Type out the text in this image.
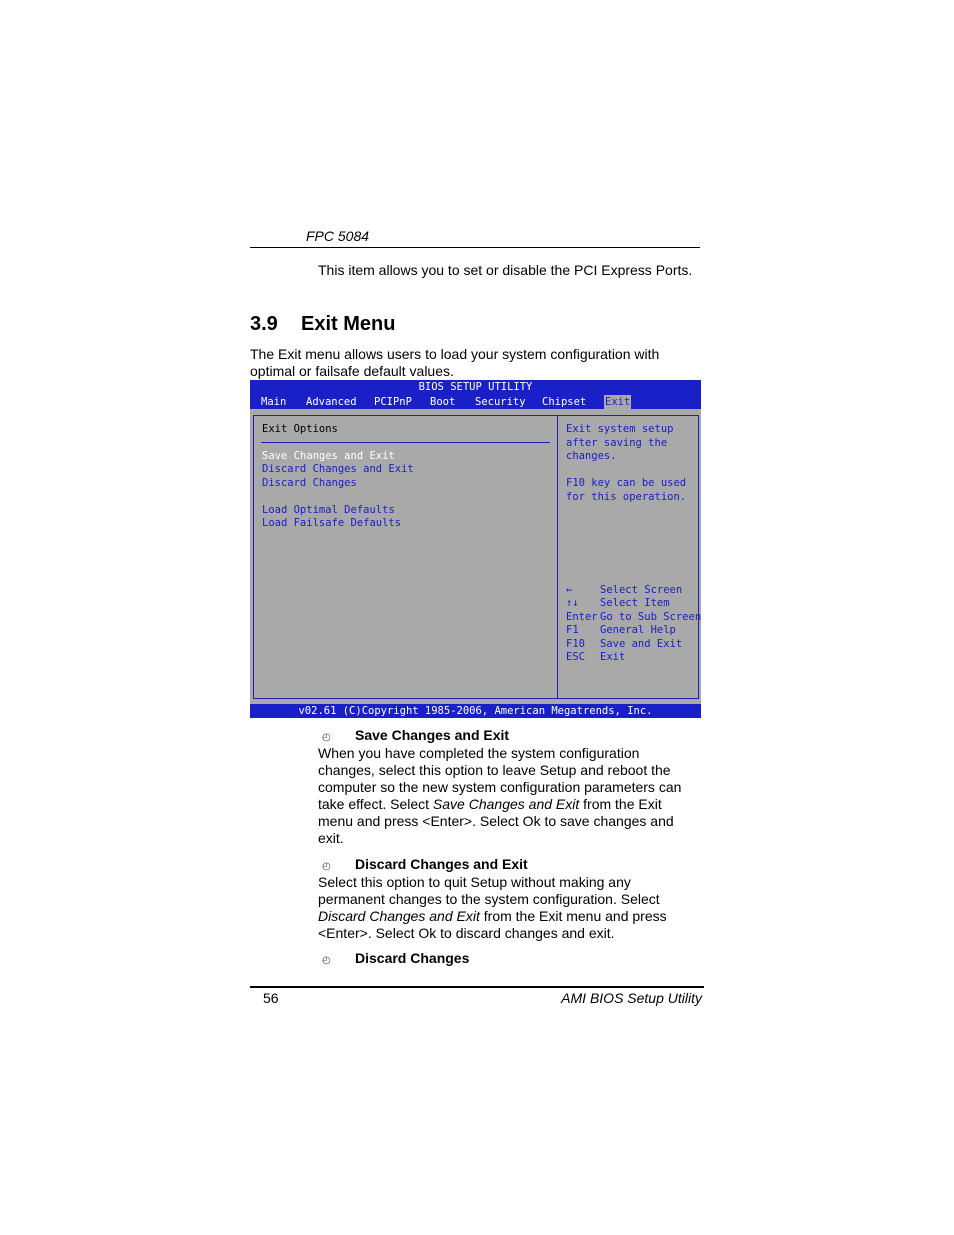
FPC 5084
This item allows you to set or disable the PCI Express Ports.
3.9 Exit Menu
The Exit menu allows users to load your system configuration with optimal or failsafe default values.
BIOS SETUP UTILITY
Main Advanced PCIPnP Boot Security Chipset Exit
Exit Options
Save Changes and Exit
Discard Changes and Exit
Discard Changes
Load Optimal Defaults
Load Failsafe Defaults
Exit system setup
after saving the
changes.
F10 key can be used
for this operation.
←	Select Screen
↑↓ Select Item
Enter Go to Sub Screen
F1 General Help
F10 Save and Exit
ESC Exit
v02.61 (C)Copyright 1985-2006, American Megatrends, Inc.
◴ Save Changes and Exit
When you have completed the system configuration changes, select this option to leave Setup and reboot the computer so the new system configuration parameters can take effect. Select Save Changes and Exit from the Exit menu and press <Enter>. Select Ok to save changes and exit.
◴ Discard Changes and Exit
Select this option to quit Setup without making any permanent changes to the system configuration. Select Discard Changes and Exit from the Exit menu and press <Enter>. Select Ok to discard changes and exit.
◴ Discard Changes
56	AMI BIOS Setup Utility
